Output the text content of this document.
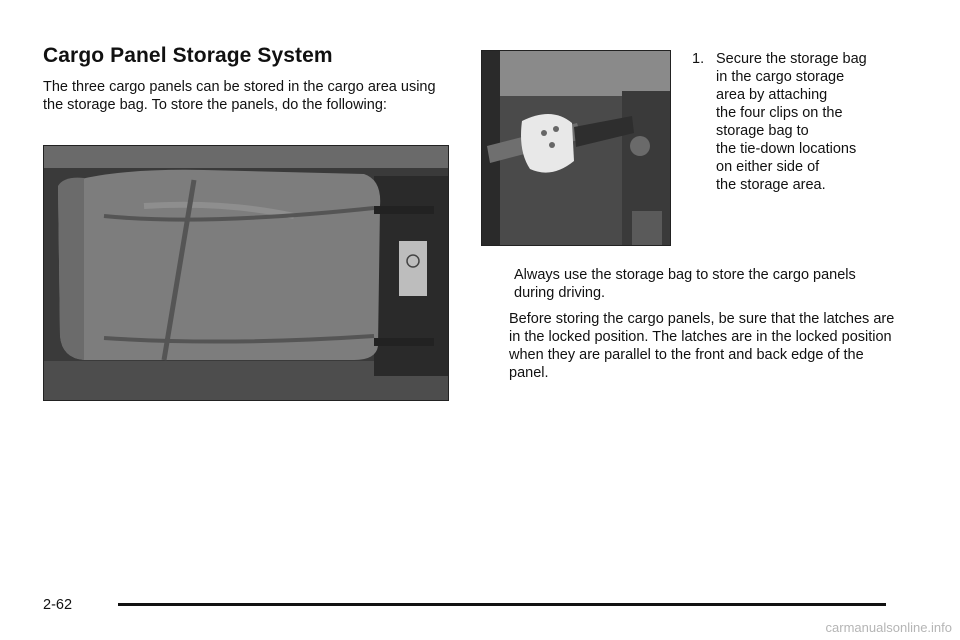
Cargo Panel Storage System

The three cargo panels can be stored in the cargo area using the storage bag. To store the panels, do the following:

1. Secure the storage bag
in the cargo storage
area by attaching
the four clips on the
storage bag to
the tie-down locations
on either side of
the storage area.

Always use the storage bag to store the cargo panels during driving.

Before storing the cargo panels, be sure that the latches are in the locked position. The latches are in the locked position when they are parallel to the front and back edge of the panel.

2-62

carmanualsonline.info
